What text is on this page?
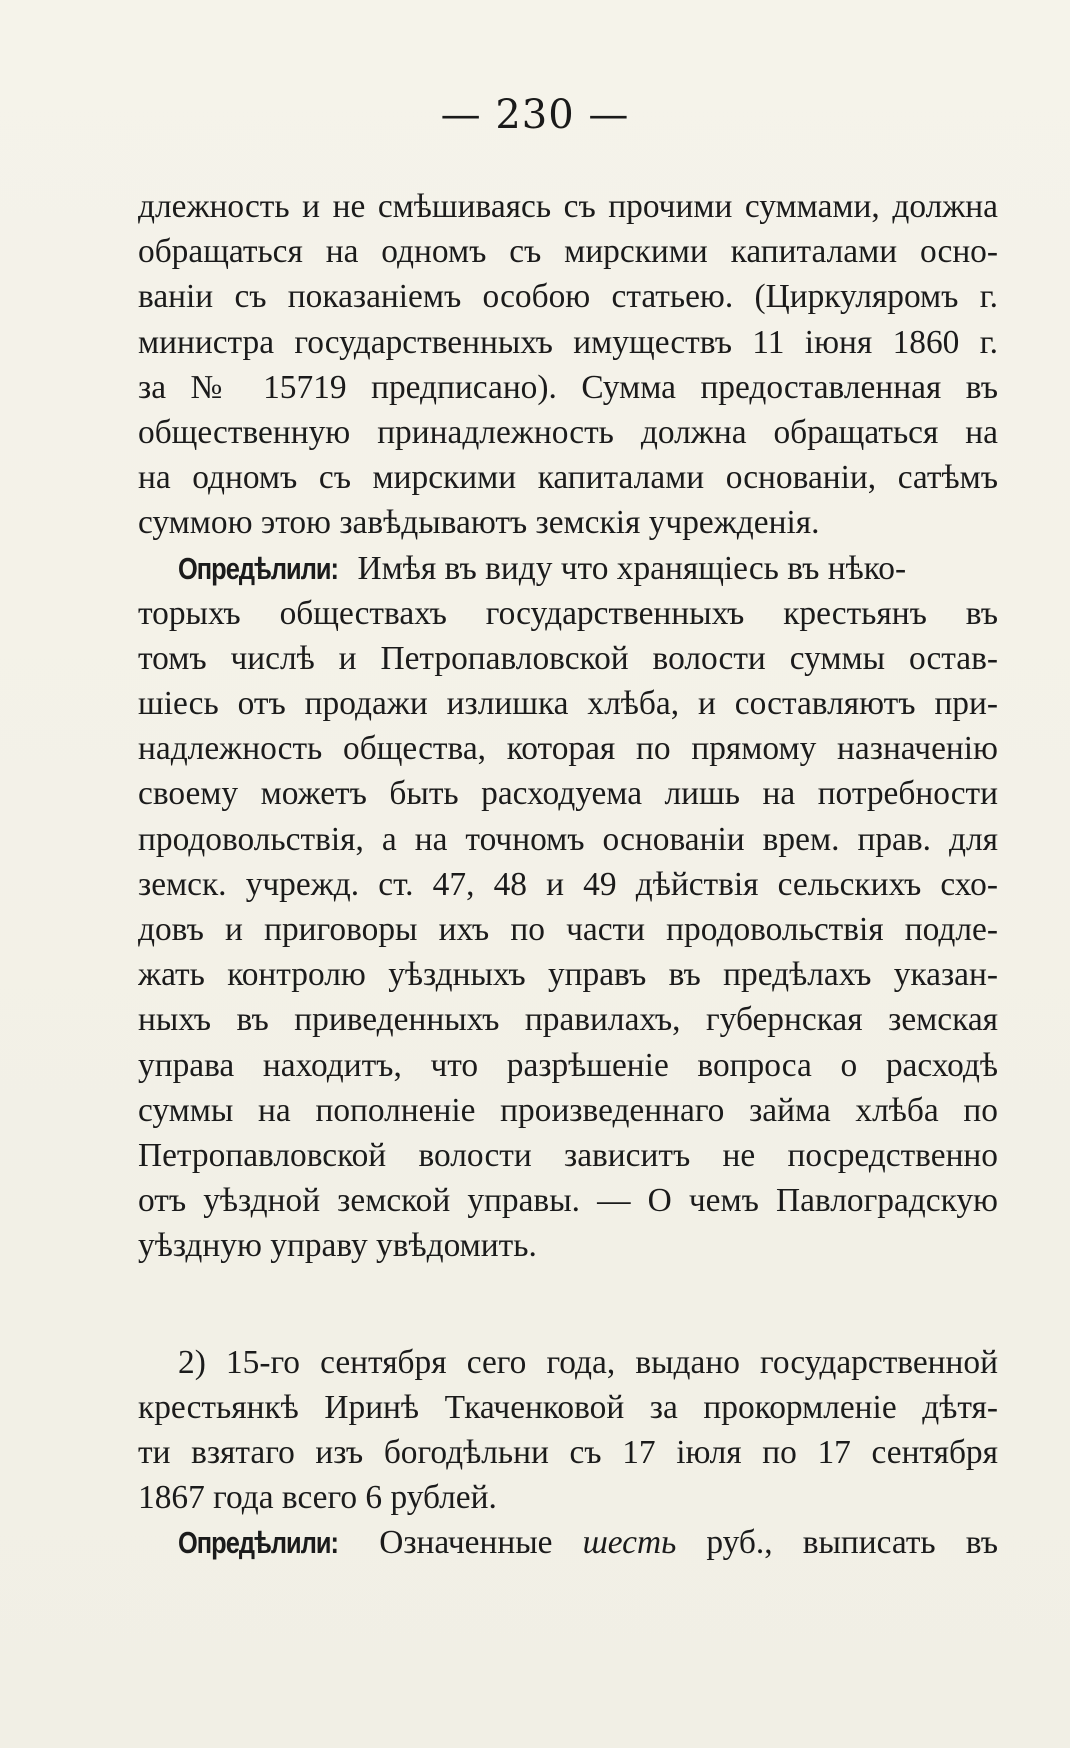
— 230 —
длежность и не смѣшиваясь съ прочими суммами, должна
обращаться на одномъ съ мирскими капиталами осно-
ванiи съ показанiемъ особою статьею. (Циркуляромъ г.
министра государственныхъ имуществъ 11 iюня 1860 г.
за № 15719 предписано). Сумма предоставленная въ
общественную принадлежность должна обращаться на
на одномъ съ мирскими капиталами основанiи, сатѣмъ
суммою этою завѣдываютъ земскiя учрежденiя.
Опредѣлили: Имѣя въ виду что хранящiесь въ нѣко-
торыхъ обществахъ государственныхъ крестьянъ въ
томъ числѣ и Петропавловской волости суммы остав-
шiесь отъ продажи излишка хлѣба, и составляютъ при-
надлежность общества, которая по прямому назначенiю
своему можетъ быть расходуема лишь на потребности
продовольствiя, а на точномъ основанiи врем. прав. для
земск. учрежд. ст. 47, 48 и 49 дѣйствiя сельскихъ схо-
довъ и приговоры ихъ по части продовольствiя подле-
жать контролю уѣздныхъ управъ въ предѣлахъ указан-
ныхъ въ приведенныхъ правилахъ, губернская земская
управа находитъ, что разрѣшенiе вопроса о расходѣ
суммы на пополненiе произведеннаго займа хлѣба по
Петропавловской волости зависитъ не посредственно
отъ уѣздной земской управы. — О чемъ Павлоградскую
уѣздную управу увѣдомить.
2) 15-го сентября сего года, выдано государственной
крестьянкѣ Иринѣ Ткаченковой за прокормленiе дѣтя-
ти взятаго изъ богодѣльни съ 17 iюля по 17 сентября
1867 года всего 6 рублей.
Опредѣлили: Означенные шесть руб., выписать въ
